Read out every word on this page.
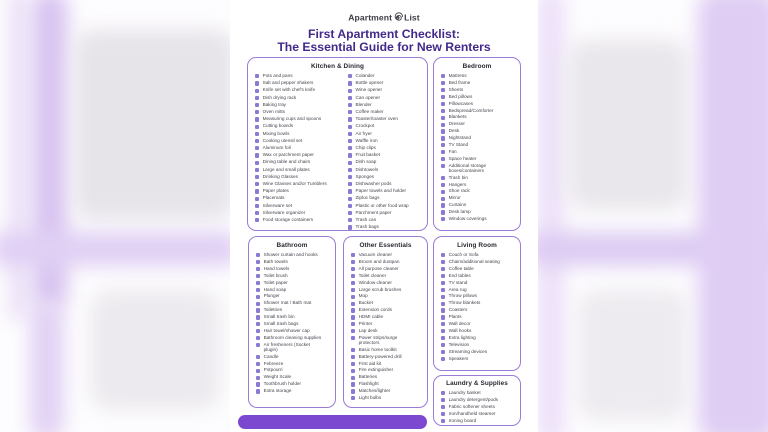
Apartment List
First Apartment Checklist:
The Essential Guide for New Renters
Kitchen & Dining
Pots and pans
Salt and pepper shakers
Knife set with chef's knife
Dish drying rack
Baking tray
Oven mitts
Measuring cups and spoons
Cutting boards
Mixing bowls
Cooking utensil set
Aluminum foil
Wax or parchment paper
Dining table and chairs
Large and small plates
Drinking Glasses
Wine Glasses and/or Tumblers
Paper plates
Placemats
Silverware set
Silverware organizer
Food storage containers
Colander
Bottle opener
Wine opener
Can opener
Blender
Coffee maker
Toaster/toaster oven
Crockpot
Air fryer
Waffle iron
Chip clips
Fruit basket
Dish soap
Dishtowels
Sponges
Dishwasher pods
Paper towels and holder
Ziploc bags
Plastic or other food wrap
Parchment paper
Trash can
Trash bags
Bedroom
Mattress
Bed frame
Sheets
Bed pillows
Pillowcases
Bedspread/Comforter
Blankets
Dresser
Desk
Nightstand
TV Stand
Fan
Space heater
Additional storage boxes/containers
Trash bin
Hangers
Shoe rack
Mirror
Curtains
Desk lamp
Window coverings
Bathroom
Shower curtain and hooks
Bath towels
Hand towels
Toilet brush
Toilet paper
Hand soap
Plunger
Shower mat / Bath mat
Toiletries
Small trash bin
Small trash bags
Hair towel/shower cap
Bathroom cleaning supplies
Air fresheners (Socket plugin)
Candle
Febreeze
Potpourri
Weight Scale
Toothbrush holder
Extra storage
Other Essentials
Vacuum cleaner
Broom and dustpan
All purpose cleaner
Toilet cleaner
Window cleaner
Large scrub brushes
Mop
Bucket
Extension cords
HDMI cable
Printer
Lap desk
Power strips/surge protectors
Basic home toolkit
Battery-powered drill
First aid kit
Fire extinguisher
Batteries
Flashlight
Matches/lighter
Light bulbs
Living Room
Couch or Sofa
Chairs/additional seating
Coffee table
End tables
TV stand
Area rug
Throw pillows
Throw blankets
Coasters
Plants
Wall decor
Wall hooks
Extra lighting
Television
Streaming devices
Speakers
Laundry & Supplies
Laundry basket
Laundry detergent/pods
Fabric softener sheets
Iron/handheld steamer
Ironing board
